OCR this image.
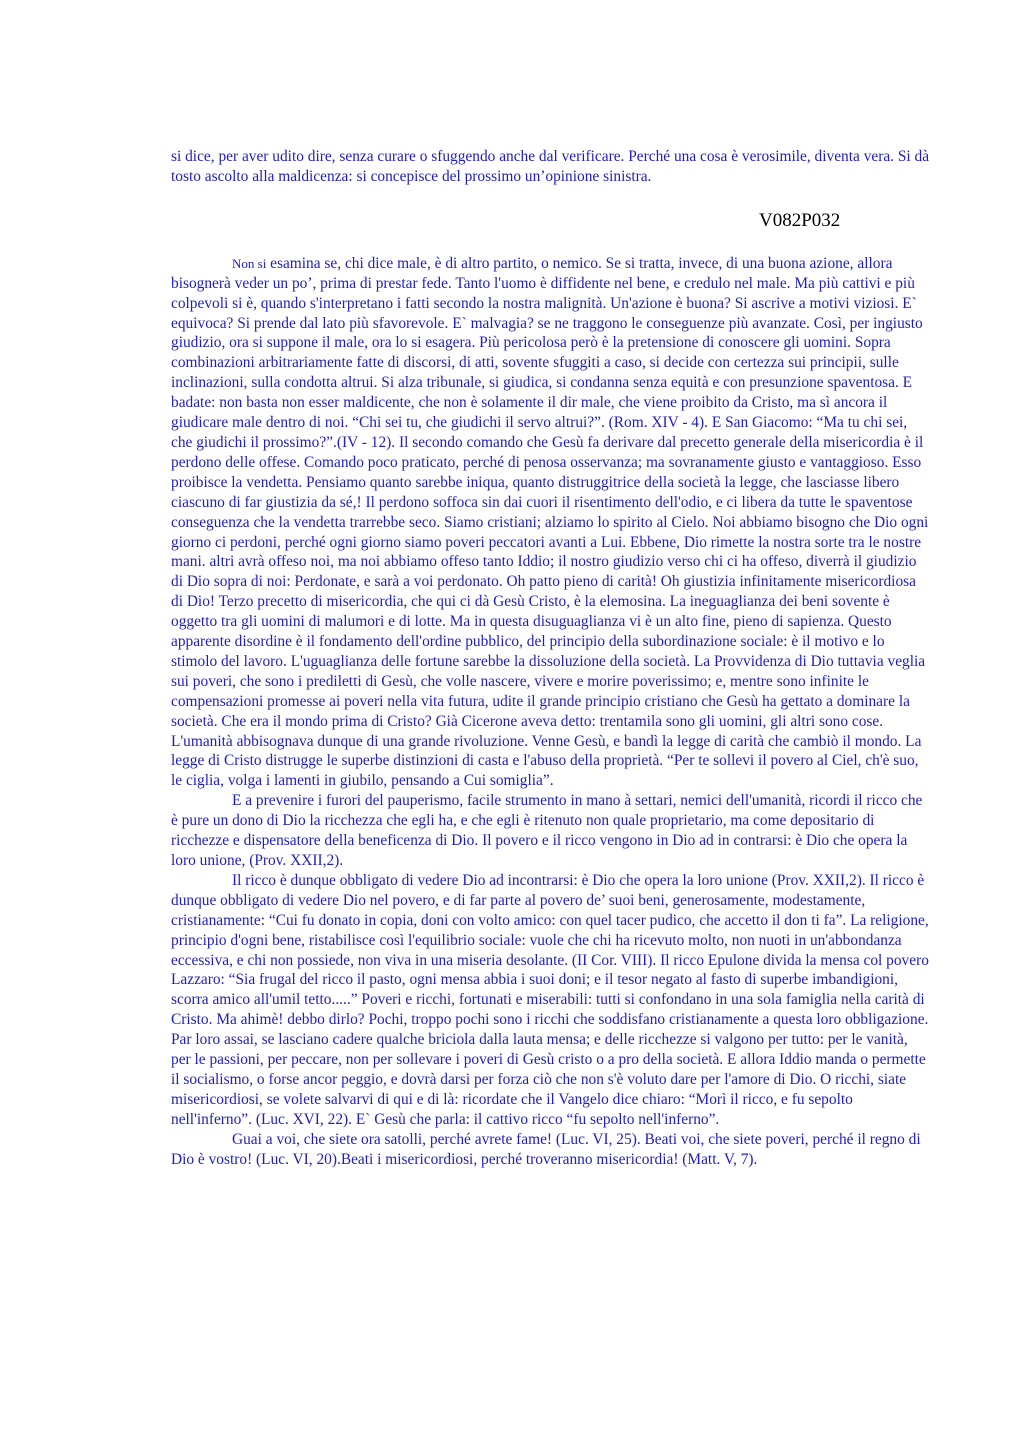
si dice, per aver udito dire, senza curare o sfuggendo anche dal verificare. Perché una cosa è verosimile, diventa vera. Si dà tosto ascolto alla maldicenza: si concepisce del prossimo un’opinione sinistra.

V082P032

Non si esamina se, chi dice male, è di altro partito, o nemico. Se si tratta, invece, di una buona azione, allora bisognerà veder un po’, prima di prestar fede. Tanto l'uomo è diffidente nel bene, e credulo nel male. Ma più cattivi e più colpevoli si è, quando s'interpretano i fatti secondo la nostra malignità. Un'azione è buona? Si ascrive a motivi viziosi. E` equivoca? Si prende dal lato più sfavorevole. E` malvagia? se ne traggono le conseguenze più avanzate. Così, per ingiusto giudizio, ora si suppone il male, ora lo si esagera. Più pericolosa però è la pretensione di conoscere gli uomini. Sopra combinazioni arbitrariamente fatte di discorsi, di atti, sovente sfuggiti a caso, si decide con certezza sui principii, sulle inclinazioni, sulla condotta altrui. Si alza tribunale, si giudica, si condanna senza equità e con presunzione spaventosa. E badate: non basta non esser maldicente, che non è solamente il dir male, che viene proibito da Cristo, ma sì ancora il giudicare male dentro di noi. “Chi sei tu, che giudichi il servo altrui?”. (Rom. XIV - 4). E San Giacomo: “Ma tu chi sei, che giudichi il prossimo?”.(IV - 12). Il secondo comando che Gesù fa derivare dal precetto generale della misericordia è il perdono delle offese. Comando poco praticato, perché di penosa osservanza; ma sovranamente giusto e vantaggioso. Esso proibisce la vendetta. Pensiamo quanto sarebbe iniqua, quanto distruggitrice della società la legge, che lasciasse libero ciascuno di far giustizia da sé,! Il perdono soffoca sin dai cuori il risentimento dell'odio, e ci libera da tutte le spaventose conseguenza che la vendetta trarrebbe seco. Siamo cristiani; alziamo lo spirito al Cielo. Noi abbiamo bisogno che Dio ogni giorno ci perdoni, perché ogni giorno siamo poveri peccatori avanti a Lui. Ebbene, Dio rimette la nostra sorte tra le nostre mani. altri avrà offeso noi, ma noi abbiamo offeso tanto Iddio; il nostro giudizio verso chi ci ha offeso, diverrà il giudizio di Dio sopra di noi: Perdonate, e sarà a voi perdonato. Oh patto pieno di carità! Oh giustizia infinitamente misericordiosa di Dio! Terzo precetto di misericordia, che qui ci dà Gesù Cristo, è la elemosina. La ineguaglianza dei beni sovente è oggetto tra gli uomini di malumori e di lotte. Ma in questa disuguaglianza vi è un alto fine, pieno di sapienza. Questo apparente disordine è il fondamento dell'ordine pubblico, del principio della subordinazione sociale: è il motivo e lo stimolo del lavoro. L'uguaglianza delle fortune sarebbe la dissoluzione della società. La Provvidenza di Dio tuttavia veglia sui poveri, che sono i prediletti di Gesù, che volle nascere, vivere e morire poverissimo; e, mentre sono infinite le compensazioni promesse ai poveri nella vita futura, udite il grande principio cristiano che Gesù ha gettato a dominare la società. Che era il mondo prima di Cristo? Già Cicerone aveva detto: trentamila sono gli uomini, gli altri sono cose. L'umanità abbisognava dunque di una grande rivoluzione. Venne Gesù, e bandì la legge di carità che cambiò il mondo. La legge di Cristo distrugge le superbe distinzioni di casta e l'abuso della proprietà. “Per te sollevi il povero al Ciel, ch'è suo, le ciglia, volga i lamenti in giubilo, pensando a Cui somiglia”.

E a prevenire i furori del pauperismo, facile strumento in mano à settari, nemici dell'umanità, ricordi il ricco che è pure un dono di Dio la ricchezza che egli ha, e che egli è ritenuto non quale proprietario, ma come depositario di ricchezze e dispensatore della beneficenza di Dio. Il povero e il ricco vengono in Dio ad in contrarsi: è Dio che opera la loro unione, (Prov. XXII,2).

Il ricco è dunque obbligato di vedere Dio ad incontrarsi: è Dio che opera la loro unione (Prov. XXII,2). Il ricco è dunque obbligato di vedere Dio nel povero, e di far parte al povero de’ suoi beni, generosamente, modestamente, cristianamente: “Cui fu donato in copia, doni con volto amico: con quel tacer pudico, che accetto il don ti fa”. La religione, principio d'ogni bene, ristabilisce così l'equilibrio sociale: vuole che chi ha ricevuto molto, non nuoti in un'abbondanza eccessiva, e chi non possiede, non viva in una miseria desolante. (II Cor. VIII). Il ricco Epulone divida la mensa col povero Lazzaro: “Sia frugal del ricco il pasto, ogni mensa abbia i suoi doni; e il tesor negato al fasto di superbe imbandigioni, scorra amico all'umil tetto.....” Poveri e ricchi, fortunati e miserabili: tutti si confondano in una sola famiglia nella carità di Cristo. Ma ahimè! debbo dirlo? Pochi, troppo pochi sono i ricchi che soddisfano cristianamente a questa loro obbligazione. Par loro assai, se lasciano cadere qualche briciola dalla lauta mensa; e delle ricchezze si valgono per tutto: per le vanità, per le passioni, per peccare, non per sollevare i poveri di Gesù cristo o a pro della società. E allora Iddio manda o permette il socialismo, o forse ancor peggio, e dovrà darsi per forza ciò che non s'è voluto dare per l'amore di Dio. O ricchi, siate misericordiosi, se volete salvarvi di qui e di là: ricordate che il Vangelo dice chiaro: “Morì il ricco, e fu sepolto nell'inferno”. (Luc. XVI, 22). E` Gesù che parla: il cattivo ricco “fu sepolto nell'inferno”.

Guai a voi, che siete ora satolli, perché avrete fame! (Luc. VI, 25). Beati voi, che siete poveri, perché il regno di Dio è vostro! (Luc. VI, 20).Beati i misericordiosi, perché troveranno misericordia! (Matt. V, 7).
